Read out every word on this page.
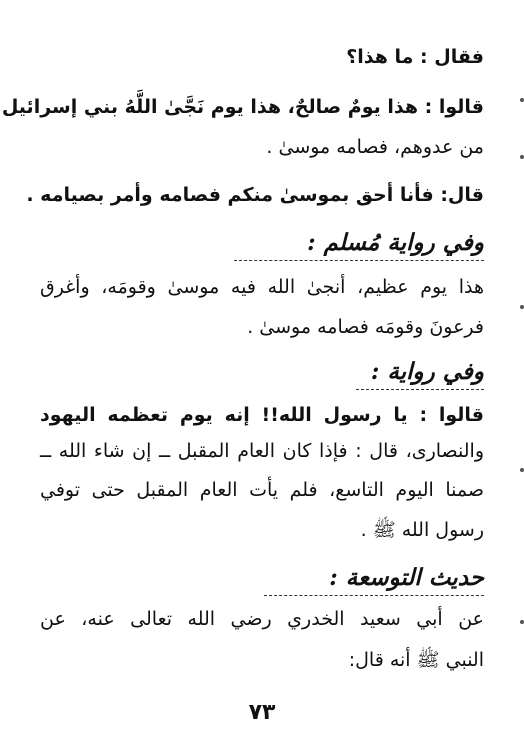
فقال : ما هذا؟
قالوا : هذا يومٌ صالحٌ، هذا يوم نَجَّىٰ اللَّهُ بني إسرائيل
من عدوهم، فصامه موسىٰ .
قال: فأنا أحق بموسىٰ منكم فصامه وأمر بصيامه .
وفي رواية مُسلم :
هذا يوم عظيم، أنجىٰ الله فيه موسىٰ وقومَه، وأغرق
فرعونَ وقومَه فصامه موسىٰ .
وفي رواية :
قالوا : يا رسول الله!! إنه يوم تعظمه اليهود
والنصارى، قال : فإذا كان العام المقبل ــ إن شاء الله ــ
صمنا اليوم التاسع، فلم يأت العام المقبل حتى توفي
رسول الله ﷺ .
حديث التوسعة :
عن أبي سعيد الخدري رضي الله تعالى عنه، عن
النبي ﷺ أنه قال:
٧٣
